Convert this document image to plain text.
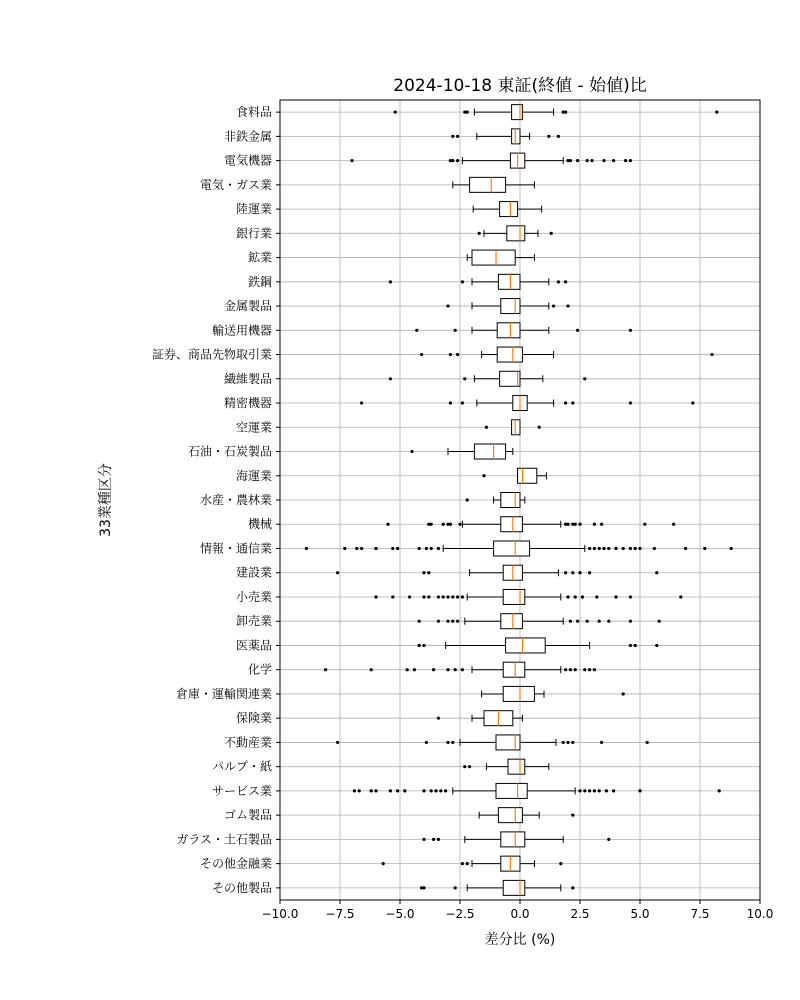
2024-10-18 東証(終値 - 始値)比
−10.0 −7.5	−5.0	−2.5	0.0	2.5	5.0	7.5	10.0
食料品
非鉄金属
電気機器
電気・ガス業
陸運業
銀行業
鉱業
鉄鋼
金属製品
輸送用機器
証券、商品先物取引業
繊維製品
精密機器
空運業
石油・石炭製品
海運業
水産・農林業
機械
情報・通信業
建設業
小売業
卸売業
医薬品
化学
倉庫・運輸関連業
保険業
不動産業
パルプ・紙
サービス業
ゴム製品
ガラス・土石製品
その他金融業
その他製品
差分比 (%)
33業種区分
